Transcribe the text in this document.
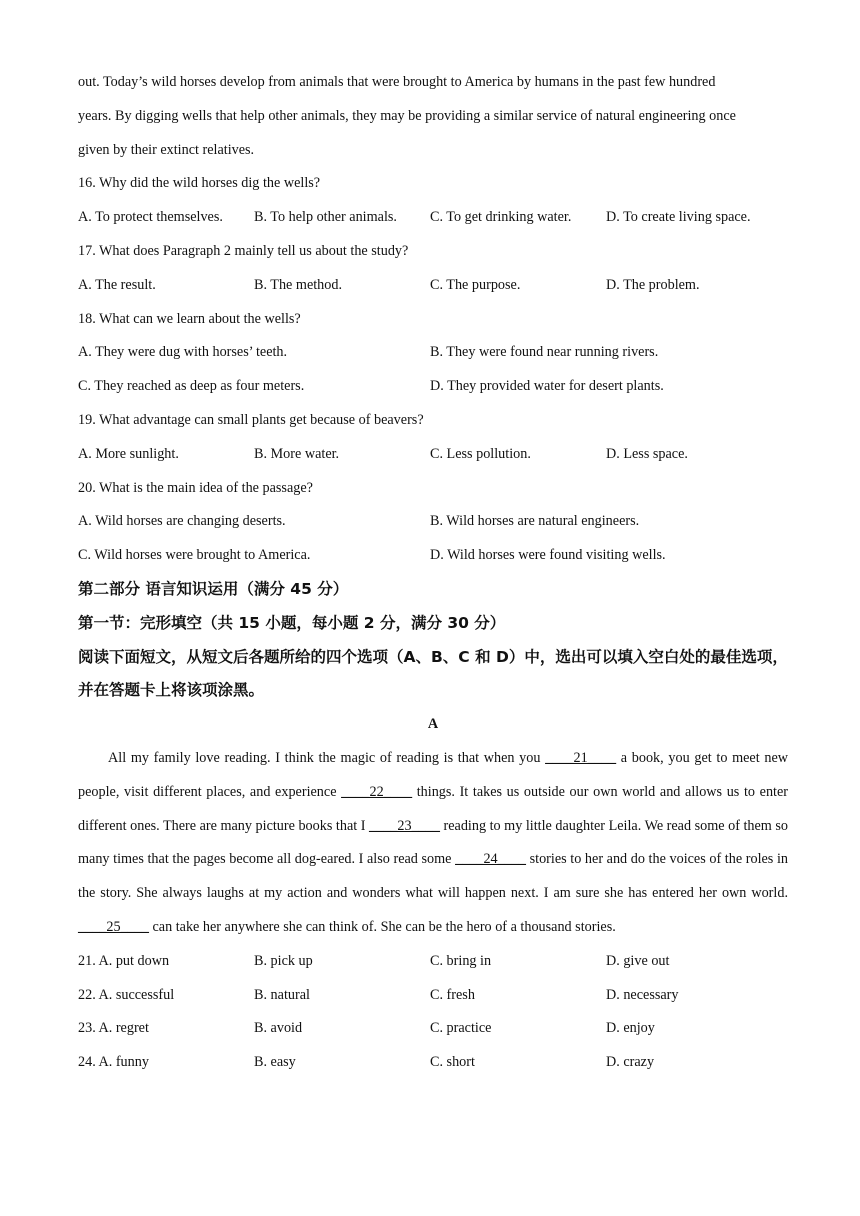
out. Today’s wild horses develop from animals that were brought to America by humans in the past few hundred
years. By digging wells that help other animals, they may be providing a similar service of natural engineering once
given by their extinct relatives.
16. Why did the wild horses dig the wells?
A. To protect themselves.	B. To help other animals.	C. To get drinking water.	D. To create living space.
17. What does Paragraph 2 mainly tell us about the study?
A. The result.	B. The method.	C. The purpose.	D. The problem.
18. What can we learn about the wells?
A. They were dug with horses’ teeth.	B. They were found near running rivers.
C. They reached as deep as four meters.	D. They provided water for desert plants.
19. What advantage can small plants get because of beavers?
A. More sunlight.	B. More water.	C. Less pollution.	D. Less space.
20. What is the main idea of the passage?
A. Wild horses are changing deserts.	B. Wild horses are natural engineers.
C. Wild horses were brought to America.	D. Wild horses were found visiting wells.
第二部分 语言知识运用（满分 45 分）
第一节：完形填空（共 15 小题，每小题 2 分，满分 30 分）
阅读下面短文，从短文后各题所给的四个选项（A、B、C 和 D）中，选出可以填入空白处的最佳选项，并在答题卡上将该项涂黑。
A
All my family love reading. I think the magic of reading is that when you ____21____ a book, you get to meet new people, visit different places, and experience ____22____ things. It takes us outside our own world and allows us to enter different ones. There are many picture books that I ____23____ reading to my little daughter Leila. We read some of them so many times that the pages become all dog-eared. I also read some ____24____ stories to her and do the voices of the roles in the story. She always laughs at my action and wonders what will happen next. I am sure she has entered her own world. ____25____ can take her anywhere she can think of. She can be the hero of a thousand stories.
21. A. put down	B. pick up	C. bring in	D. give out
22. A. successful	B. natural	C. fresh	D. necessary
23. A. regret	B. avoid	C. practice	D. enjoy
24. A. funny	B. easy	C. short	D. crazy
